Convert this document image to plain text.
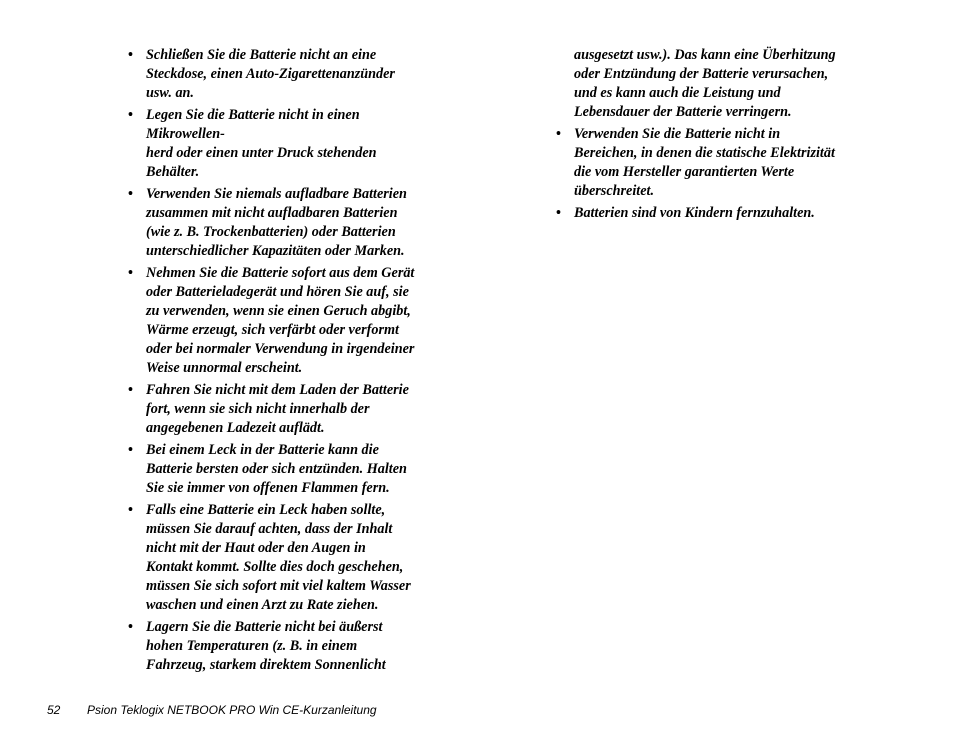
• Schließen Sie die Batterie nicht an eine
Steckdose, einen Auto-Zigarettenanzünder
usw. an.
• Legen Sie die Batterie nicht in einen
Mikrowellen-
herd oder einen unter Druck stehenden
Behälter.
• Verwenden Sie niemals aufladbare Batterien
zusammen mit nicht aufladbaren Batterien
(wie z. B. Trockenbatterien) oder Batterien
unterschiedlicher Kapazitäten oder Marken.
• Nehmen Sie die Batterie sofort aus dem Gerät
oder Batterieladegerät und hören Sie auf, sie
zu verwenden, wenn sie einen Geruch abgibt,
Wärme erzeugt, sich verfärbt oder verformt
oder bei normaler Verwendung in irgendeiner
Weise unnormal erscheint.
• Fahren Sie nicht mit dem Laden der Batterie
fort, wenn sie sich nicht innerhalb der
angegebenen Ladezeit auflädt.
• Bei einem Leck in der Batterie kann die
Batterie bersten oder sich entzünden. Halten
Sie sie immer von offenen Flammen fern.
• Falls eine Batterie ein Leck haben sollte,
müssen Sie darauf achten, dass der Inhalt
nicht mit der Haut oder den Augen in
Kontakt kommt. Sollte dies doch geschehen,
müssen Sie sich sofort mit viel kaltem Wasser
waschen und einen Arzt zu Rate ziehen.
• Lagern Sie die Batterie nicht bei äußerst
hohen Temperaturen (z. B. in einem
Fahrzeug, starkem direktem Sonnenlicht
ausgesetzt usw.). Das kann eine Überhitzung
oder Entzündung der Batterie verursachen,
und es kann auch die Leistung und
Lebensdauer der Batterie verringern.
• Verwenden Sie die Batterie nicht in
Bereichen, in denen die statische Elektrizität
die vom Hersteller garantierten Werte
überschreitet.
• Batterien sind von Kindern fernzuhalten.
52 Psion Teklogix NETBOOK PRO Win CE-Kurzanleitung
